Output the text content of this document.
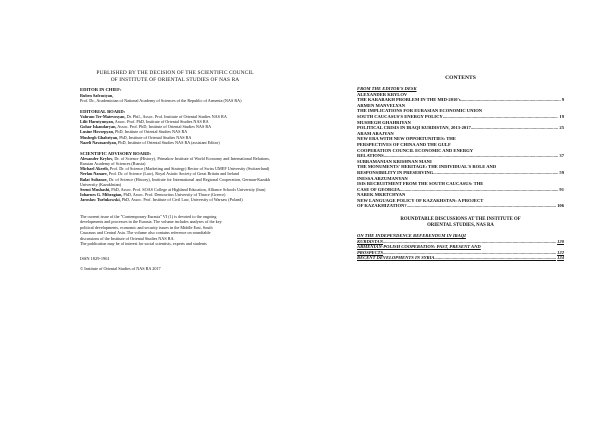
PUBLISHED BY THE DECISION OF THE SCIENTIFIC COUNCIL
OF INSTITUTE OF ORIENTAL STUDIES OF NAS RA
EDITOR IN CHIEF:
Ruben Safrastyan,
Prof. Dr., Academician of National Academy of Sciences of the Republic of Armenia (NAS RA)
EDITORIAL BOARD:
Vahram Ter-Matevosyan, Dr. Phil., Assoc. Prof. Institute of Oriental Studies NAS RA
Lilit Harutyunyan, Assoc. Prof. PhD, Institute of Oriental Studies NAS RA
Gohar Iskandaryan, Assoc. Prof. PhD, Institute of Oriental Studies NAS RA
Lusine Hovsepyan, PhD, Institute of Oriental Studies NAS RA
Mushegh Ghahriyan, PhD, Institute of Oriental Studies NAS RA
Nazeli Navasardyan, PhD, Institute of Oriental Studies NAS RA (assistant Editor)
SCIENTIFIC ADVISORY BOARD:
Alexander Krylov, Dr. of Science (History), Primakov Institute of World Economy and International Relations, Russian Academy of Sciences (Russia)
Michael Akerib, Prof. Dr. of Science (Marketing and Strategy) Rector of Swiss UMEF University (Switzerland)
Nerlan Nanaev, Prof. Dr. of Science (Law), Royal Asiatic Society of Great Britain and Ireland
Bulat Sultanov, Dr. of Science (History), Institute for International and Regional Cooperation, German-Kazakh University (Kazakhstan)
Seemi Mushashi, PhD, Assoc. Prof. SOAS College at Highland Education, Alliance Schools University (Iran)
Ioharnes G. Mihragian, PhD, Assoc. Prof. Democritus University of Thrace (Greece)
Jaroslaw Turlukowski, PhD, Assoc. Prof. Institute of Civil Law, University of Warsaw (Poland)
The current issue of the "Contemporary Eurasia" VI (1) is devoted to the ongoing
developments and processes in the Eurasia. The volume includes analyses of the key
political developments, economic and security issues in the Middle East, South
Caucasus and Central Asia. The volume also contains reference on roundtable
discussions of the Institute of Oriental Studies NAS RA.
The publication may be of interest for social scientists, experts and students
ISSN 1829-1961
© Institute of Oriental Studies of NAS RA 2017
CONTENTS
FROM THE EDITOR'S DESK
ALEXANDER KRYLOV
THE KARABAKH PROBLEM IN THE MID-2010's .....	9
ARMEN MANVELYAN
THE IMPLICATIONS FOR EURASIAN ECONOMIC UNION
SOUTH CAUCASUS'S ENERGY POLICY .....	19
MUSHEGH GHAHRIYAN
POLITICAL CRISIS IN IRAQI KURDISTAN, 2013-2017 .....	25
ARAM ABAJYAN
NEW ERA WITH NEW OPPORTUNITIES: THE
PERSPECTIVES OF CHINA AND THE GULF
COOPERATION COUNCIL ECONOMIC AND ENERGY
RELATIONS .....	37
SUBRAMANIAN KRISHNAN MANI
THE MONUMENTS' HERITAGE: THE INDIVIDUAL'S ROLE AND
RESPONSIBILITY IN PRESERVING .....	59
INESSA ARZUMANYAN
ISIS RECRUITMENT FROM THE SOUTH CAUCASUS: THE
CASE OF GEORGIA .....	91
NAREK MKRTCHYAN
NEW LANGUAGE POLICY OF KAZAKHSTAN: A PROJECT
OF KAZAKHIZATION? .....	106
ROUNDTABLE DISCUSSIONS AT THE INSTITUTE OF
ORIENTAL STUDIES, NAS RA
ON THE INDEPENDENCE REFERENDUM IN IRAQI
KURDISTAN .....	120
ARMENIAN-POLISH COOPERATION: PAST, PRESENT AND
PROSPECTS .....	122
RECENT DEVELOPMENTS IN SYRIA .....	124
